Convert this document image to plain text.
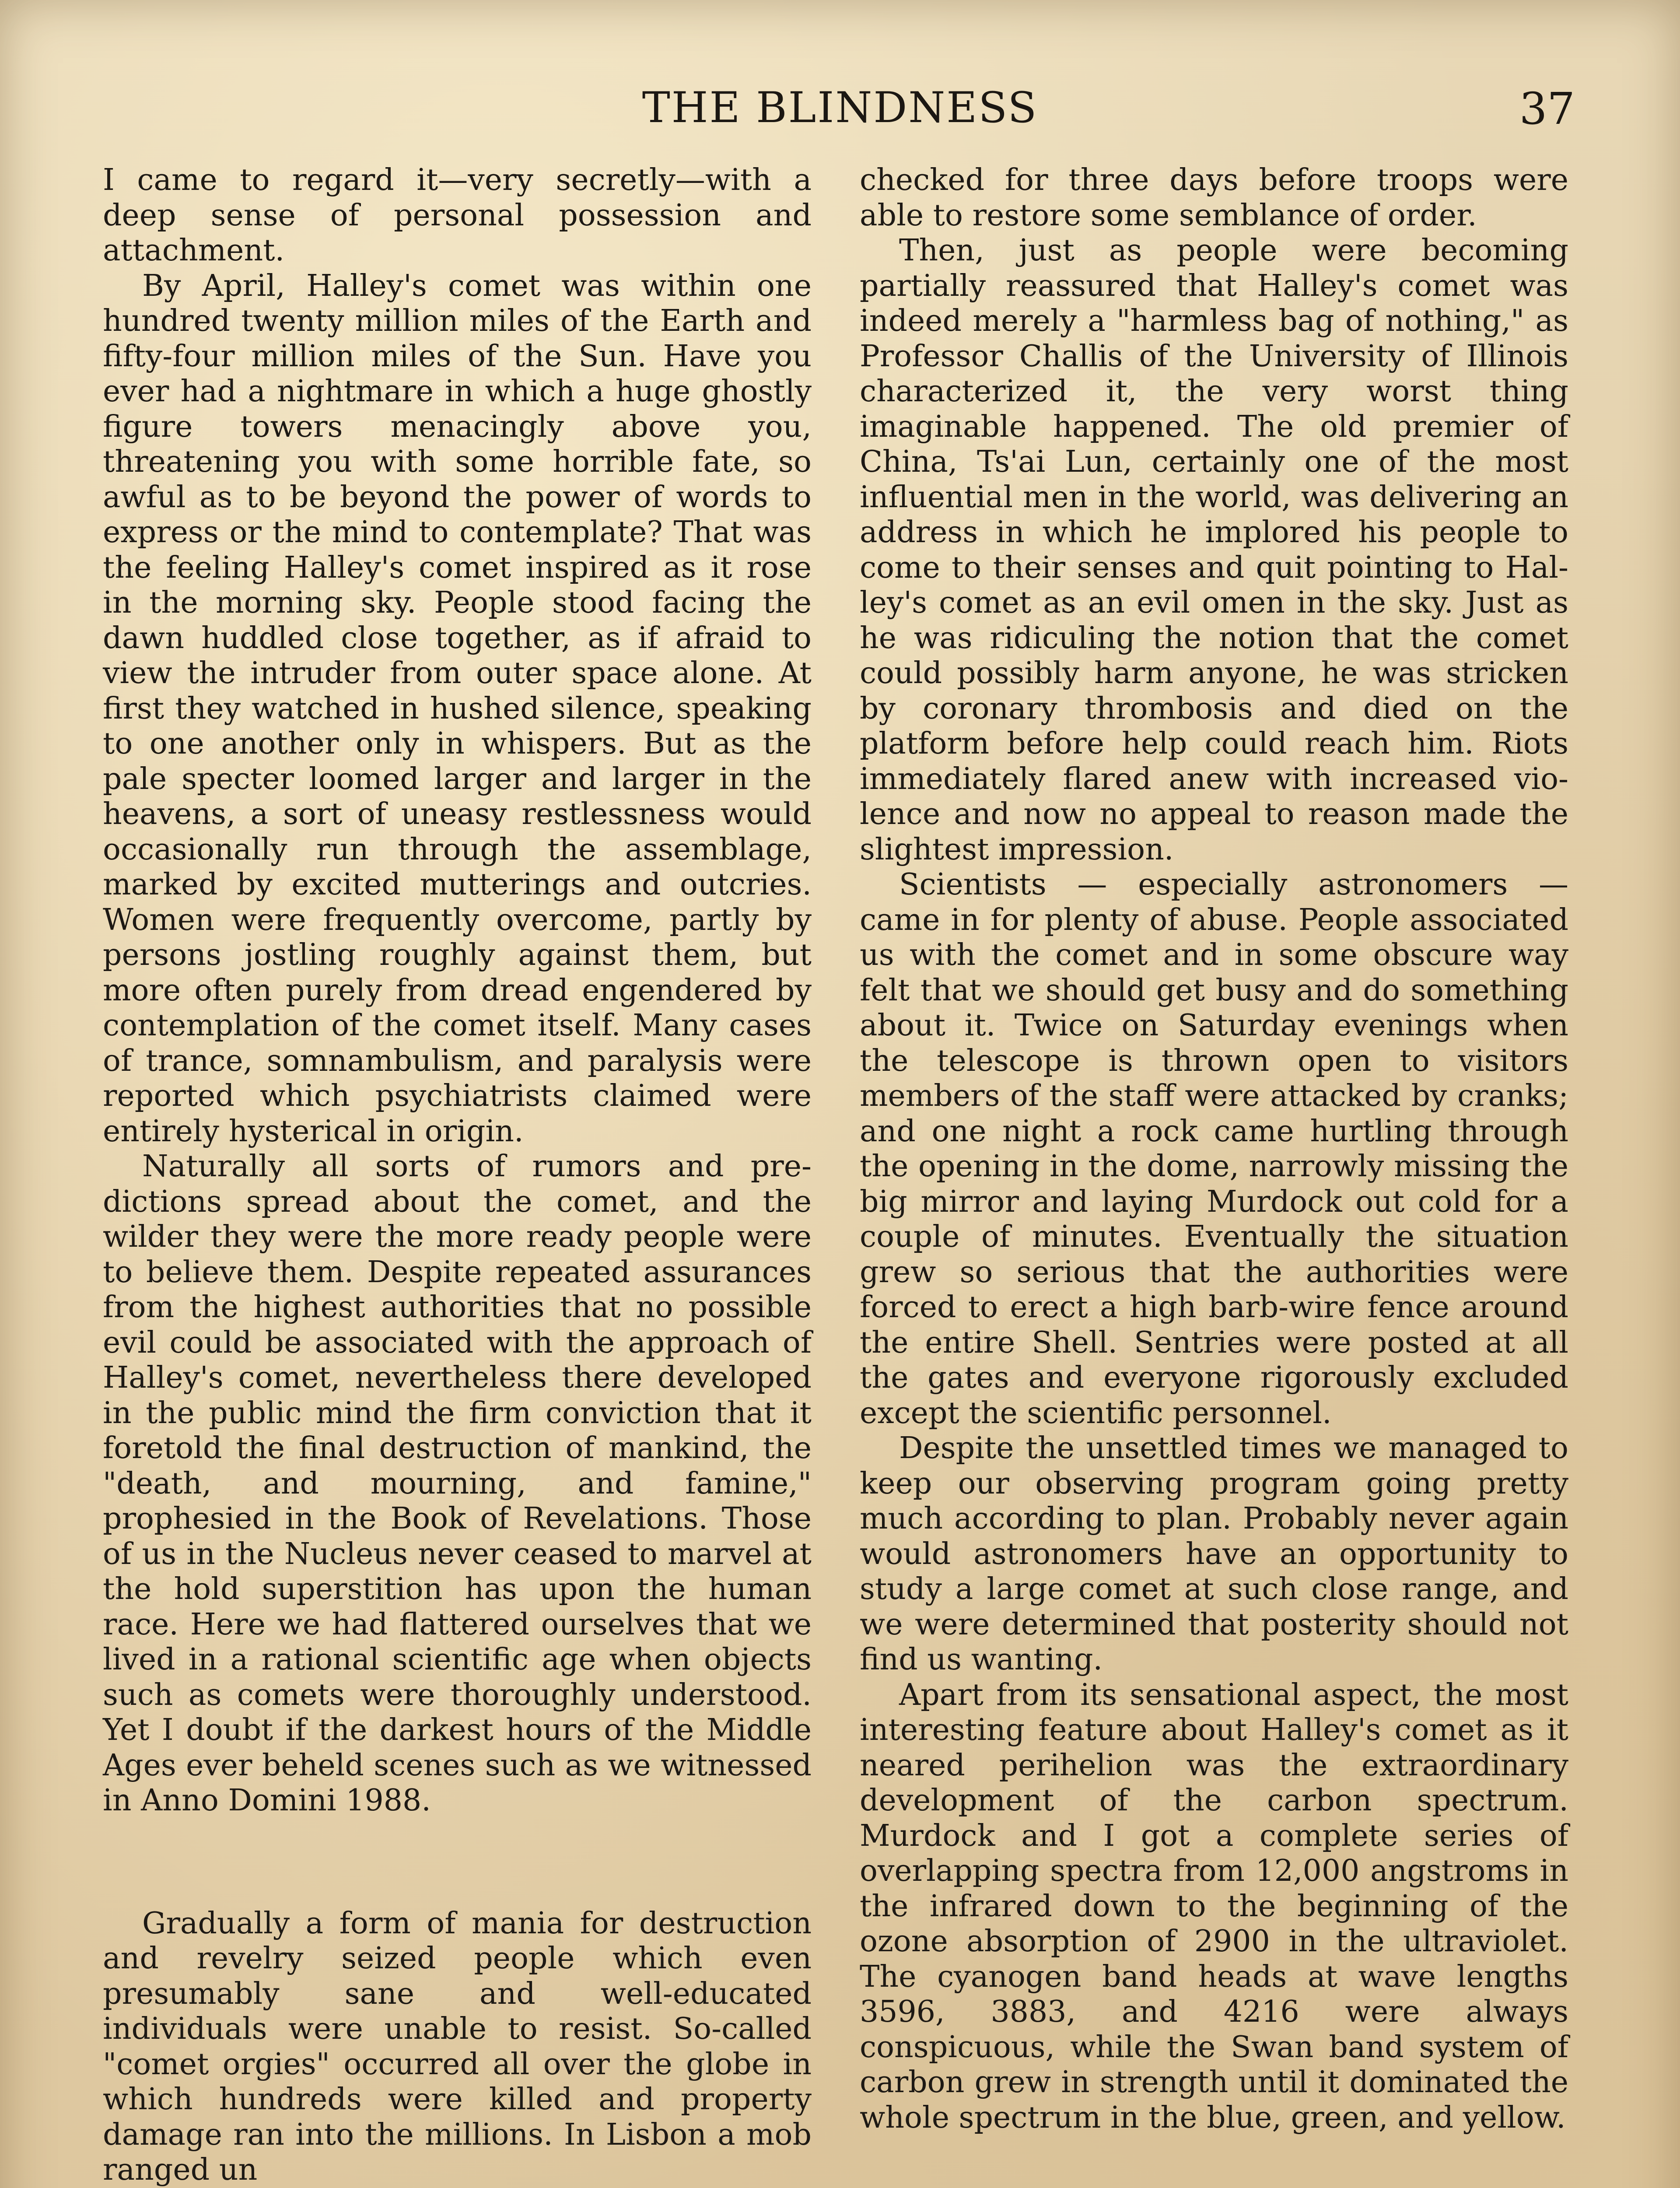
THE BLINDNESS	37

I came to regard it—very secretly—with a deep sense of personal possession and attachment.

By April, Halley's comet was within one hundred twenty million miles of the Earth and fifty-four million miles of the Sun. Have you ever had a nightmare in which a huge ghostly figure towers menacingly above you, threatening you with some horrible fate, so awful as to be beyond the power of words to express or the mind to contemplate? That was the feeling Halley's comet inspired as it rose in the morning sky. People stood facing the dawn huddled close together, as if afraid to view the intruder from outer space alone. At first they watched in hushed silence, speaking to one another only in whispers. But as the pale specter loomed larger and larger in the heavens, a sort of uneasy restlessness would occasionally run through the assemblage, marked by excited mutterings and outcries. Women were frequently overcome, partly by persons jostling roughly against them, but more often purely from dread engendered by contemplation of the comet itself. Many cases of trance, somnambulism, and paralysis were reported which psychiatrists claimed were entirely hysterical in origin.

Naturally all sorts of rumors and predictions spread about the comet, and the wilder they were the more ready people were to believe them. Despite repeated assurances from the highest authorities that no possible evil could be associated with the approach of Halley's comet, nevertheless there developed in the public mind the firm conviction that it foretold the final destruction of mankind, the "death, and mourning, and famine," prophesied in the Book of Revelations. Those of us in the Nucleus never ceased to marvel at the hold superstition has upon the human race. Here we had flattered ourselves that we lived in a rational scientific age when objects such as comets were thoroughly understood. Yet I doubt if the darkest hours of the Middle Ages ever beheld scenes such as we witnessed in Anno Domini 1988.

Gradually a form of mania for destruction and revelry seized people which even presumably sane and well-educated individuals were unable to resist. So-called "comet orgies" occurred all over the globe in which hundreds were killed and property damage ran into the millions. In Lisbon a mob ranged un

checked for three days before troops were able to restore some semblance of order.

Then, just as people were becoming partially reassured that Halley's comet was indeed merely a "harmless bag of nothing," as Professor Challis of the University of Illinois characterized it, the very worst thing imaginable happened. The old premier of China, Ts'ai Lun, certainly one of the most influential men in the world, was delivering an address in which he implored his people to come to their senses and quit pointing to Halley's comet as an evil omen in the sky. Just as he was ridiculing the notion that the comet could possibly harm anyone, he was stricken by coronary thrombosis and died on the platform before help could reach him. Riots immediately flared anew with increased violence and now no appeal to reason made the slightest impression.

Scientists — especially astronomers — came in for plenty of abuse. People associated us with the comet and in some obscure way felt that we should get busy and do something about it. Twice on Saturday evenings when the telescope is thrown open to visitors members of the staff were attacked by cranks; and one night a rock came hurtling through the opening in the dome, narrowly missing the big mirror and laying Murdock out cold for a couple of minutes. Eventually the situation grew so serious that the authorities were forced to erect a high barb-wire fence around the entire Shell. Sentries were posted at all the gates and everyone rigorously excluded except the scientific personnel.

Despite the unsettled times we managed to keep our observing program going pretty much according to plan. Probably never again would astronomers have an opportunity to study a large comet at such close range, and we were determined that posterity should not find us wanting.

Apart from its sensational aspect, the most interesting feature about Halley's comet as it neared perihelion was the extraordinary development of the carbon spectrum. Murdock and I got a complete series of overlapping spectra from 12,000 angstroms in the infrared down to the beginning of the ozone absorption of 2900 in the ultraviolet. The cyanogen band heads at wave lengths 3596, 3883, and 4216 were always conspicuous, while the Swan band system of carbon grew in strength until it dominated the whole spectrum in the blue, green, and yellow.
